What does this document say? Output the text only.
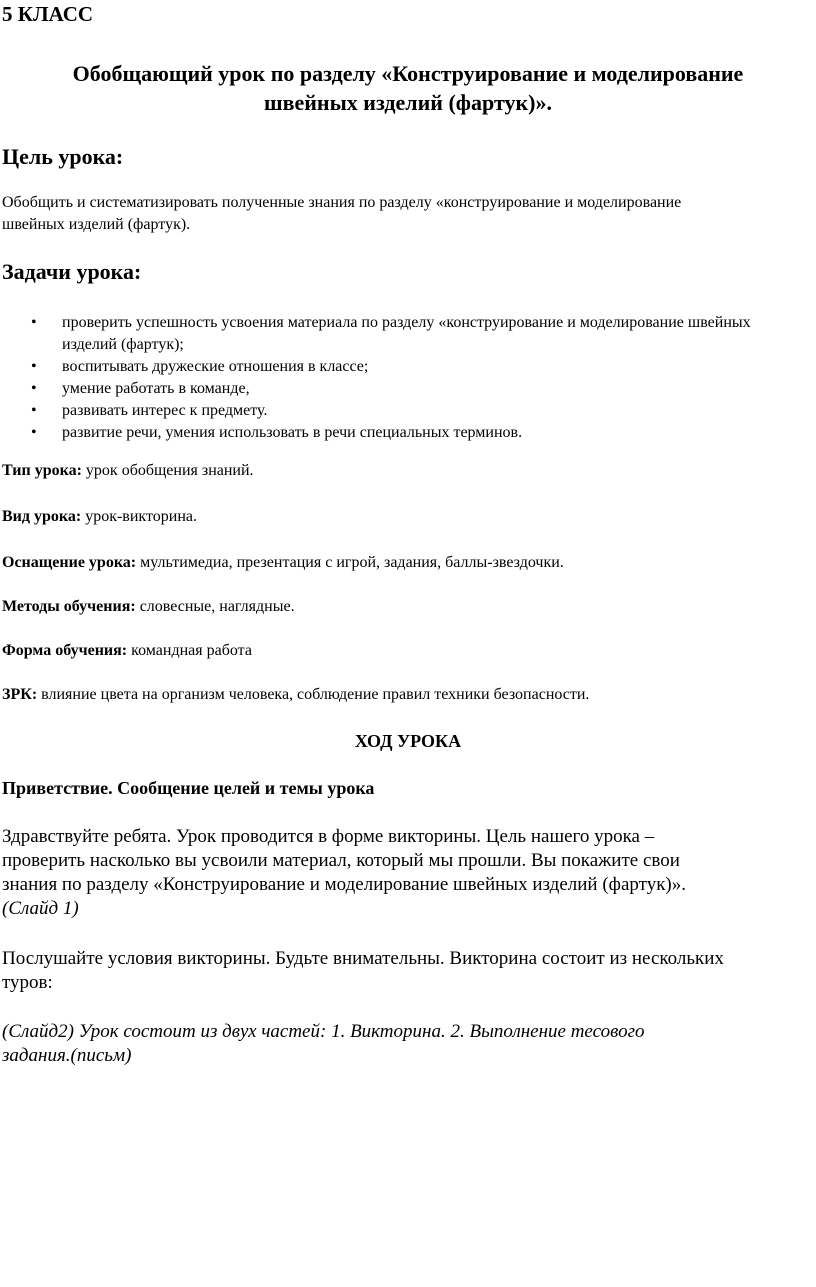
5 КЛАСС
Обобщающий урок по разделу «Конструирование и моделирование
швейных изделий (фартук)».
Цель урока:
Обобщить и систематизировать полученные знания по разделу «конструирование и моделирование
швейных изделий (фартук).
Задачи урока:
• проверить успешность усвоения материала по разделу «конструирование и моделирование швейных
изделий (фартук);
• воспитывать дружеские отношения в классе;
• умение работать в команде,
• развивать интерес к предмету.
• развитие речи, умения использовать в речи специальных терминов.
Тип урока: урок обобщения знаний.
Вид урока: урок-викторина.
Оснащение урока: мультимедиа, презентация с игрой, задания, баллы-звездочки.
Методы обучения: словесные, наглядные.
Форма обучения: командная работа
ЗРК: влияние цвета на организм человека, соблюдение правил техники безопасности.
ХОД УРОКА
Приветствие. Сообщение целей и темы урока
Здравствуйте ребята. Урок проводится в форме викторины. Цель нашего урока –
проверить насколько вы усвоили материал, который мы прошли. Вы покажите свои
знания по разделу «Конструирование и моделирование швейных изделий (фартук)».
(Слайд 1)
Послушайте условия викторины. Будьте внимательны. Викторина состоит из нескольких
туров:
(Слайд2) Урок состоит из двух частей: 1. Викторина. 2. Выполнение тесового
задания.(письм)
